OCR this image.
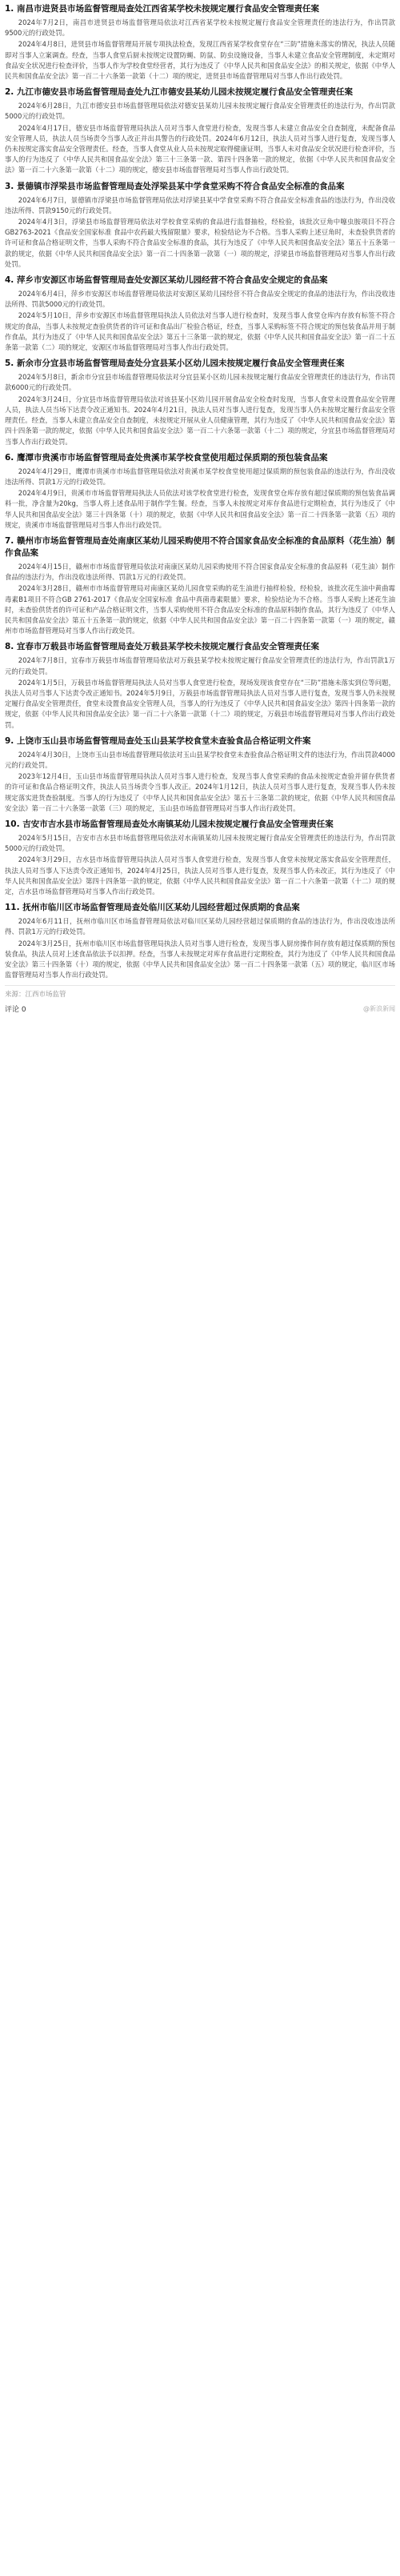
1. 南昌市进贤县市场监督管理局查处江西省某学校未按规定履行食品安全管理责任案

2024年7月2日，南昌市进贤县市场监督管理局依法对江西省某学校未按规定履行食品安全管理责任的违法行为，作出罚款9500元的行政处罚。

2024年4月8日，进贤县市场监督管理局开展专项执法检查，发现江西省某学校食堂存在“三防”措施未落实的情况，执法人员随即对当事人立案调查。经查，当事人食堂后厨未按规定设置防蝇、防鼠、防虫设施设备，当事人未建立食品安全管理制度，未定期对食品安全状况进行检查评价，当事人作为学校食堂经营者，其行为违反了《中华人民共和国食品安全法》的相关规定，依据《中华人民共和国食品安全法》第一百二十六条第一款第（十二）项的规定，进贤县市场监督管理局对当事人作出行政处罚。

2. 九江市德安县市场监督管理局查处九江市德安县某幼儿园未按规定履行食品安全管理责任案

2024年6月28日，九江市德安县市场监督管理局依法对德安县某幼儿园未按规定履行食品安全管理责任的违法行为，作出罚款5000元的行政处罚。

2024年4月17日，德安县市场监督管理局执法人员对当事人食堂进行检查，发现当事人未建立食品安全自查制度，未配备食品安全管理人员，执法人员当场责令当事人改正并出具警告的行政处罚。2024年6月12日，执法人员对当事人进行复查，发现当事人仍未按规定落实食品安全管理责任。经查，当事人食堂从业人员未按规定取得健康证明，当事人未对食品安全状况进行检查评价，当事人的行为违反了《中华人民共和国食品安全法》第三十三条第一款、第四十四条第一款的规定，依据《中华人民共和国食品安全法》第一百二十六条第一款第（十二）项的规定，德安县市场监督管理局对当事人作出行政处罚。

3. 景德镇市浮梁县市场监督管理局查处浮梁县某中学食堂采购不符合食品安全标准的食品案

2024年6月7日，景德镇市浮梁县市场监督管理局依法对浮梁县某中学食堂采购不符合食品安全标准食品的违法行为，作出没收违法所得、罚款9150元的行政处罚。

2024年4月3日，浮梁县市场监督管理局依法对学校食堂采购的食品进行监督抽检，经检验，该批次豆角中噻虫胺项目不符合GB2763-2021《食品安全国家标准 食品中农药最大残留限量》要求，检验结论为不合格。当事人采购上述豆角时，未查验供货者的许可证和食品合格证明文件，当事人采购不符合食品安全标准的食品，其行为违反了《中华人民共和国食品安全法》第五十五条第一款的规定，依据《中华人民共和国食品安全法》第一百二十四条第一款第（一）项的规定，浮梁县市场监督管理局对当事人作出行政处罚。

4. 萍乡市安源区市场监督管理局查处安源区某幼儿园经营不符合食品安全规定的食品案

2024年6月4日，萍乡市安源区市场监督管理局依法对安源区某幼儿园经营不符合食品安全规定的食品的违法行为，作出没收违法所得、罚款5000元的行政处罚。

2024年5月10日，萍乡市安源区市场监督管理局执法人员依法对当事人进行检查时，发现当事人食堂仓库内存放有标签不符合规定的食品，当事人未按规定查验供货者的许可证和食品出厂检验合格证，经查，当事人采购标签不符合规定的预包装食品并用于制作食品，其行为违反了《中华人民共和国食品安全法》第五十三条第一款的规定，依据《中华人民共和国食品安全法》第一百二十五条第一款第（二）项的规定，安源区市场监督管理局对当事人作出行政处罚。

5. 新余市分宜县市场监督管理局查处分宜县某小区幼儿园未按规定履行食品安全管理责任案

2024年5月8日，新余市分宜县市场监督管理局依法对分宜县某小区幼儿园未按规定履行食品安全管理责任的违法行为，作出罚款6000元的行政处罚。

2024年3月24日，分宜县市场监督管理局依法对该县某小区幼儿园开展食品安全检查时发现，当事人食堂未设置食品安全管理人员，执法人员当场下达责令改正通知书。2024年4月21日，执法人员对当事人进行复查，发现当事人仍未按规定履行食品安全管理责任。经查，当事人未建立食品安全自查制度，未按规定开展从业人员健康管理，其行为违反了《中华人民共和国食品安全法》第四十四条第一款的规定，依据《中华人民共和国食品安全法》第一百二十六条第一款第（十二）项的规定，分宜县市场监督管理局对当事人作出行政处罚。

6. 鹰潭市贵溪市市场监督管理局查处贵溪市某学校食堂使用超过保质期的预包装食品案

2024年4月29日，鹰潭市贵溪市市场监督管理局依法对贵溪市某学校食堂使用超过保质期的预包装食品的违法行为，作出没收违法所得、罚款1万元的行政处罚。

2024年4月9日，贵溪市市场监督管理局执法人员依法对该学校食堂进行检查，发现食堂仓库存放有超过保质期的预包装食品调料一批，净含量为20kg，当事人将上述食品用于制作学生餐。经查，当事人未按规定对库存食品进行定期检查，其行为违反了《中华人民共和国食品安全法》第三十四条第（十）项的规定，依据《中华人民共和国食品安全法》第一百二十四条第一款第（五）项的规定，贵溪市市场监督管理局对当事人作出行政处罚。

7. 赣州市市场监督管理局查处南康区某幼儿园采购使用不符合国家食品安全标准的食品原料（花生油）制作食品案

2024年4月15日，赣州市市场监督管理局依法对南康区某幼儿园采购使用不符合国家食品安全标准的食品原料（花生油）制作食品的违法行为，作出没收违法所得、罚款1万元的行政处罚。

2024年3月28日，赣州市市场监督管理局对南康区某幼儿园食堂采购的花生油进行抽样检验，经检验，该批次花生油中黄曲霉毒素B1项目不符合GB 2761-2017《食品安全国家标准 食品中真菌毒素限量》要求，检验结论为不合格。当事人采购上述花生油时，未查验供货者的许可证和产品合格证明文件，当事人采购使用不符合食品安全标准的食品原料制作食品，其行为违反了《中华人民共和国食品安全法》第五十五条第一款的规定，依据《中华人民共和国食品安全法》第一百二十四条第一款第（一）项的规定，赣州市市场监督管理局对当事人作出行政处罚。

8. 宜春市万载县市场监督管理局查处万载县某学校未按规定履行食品安全管理责任案

2024年7月8日，宜春市万载县市场监督管理局依法对万载县某学校未按规定履行食品安全管理责任的违法行为，作出罚款1万元的行政处罚。

2024年1月5日，万载县市场监督管理局执法人员对当事人食堂进行检查，现场发现该食堂存在“三防”措施未落实到位等问题，执法人员对当事人下达责令改正通知书。2024年5月9日，万载县市场监督管理局执法人员对当事人进行复查，发现当事人仍未按规定履行食品安全管理责任，食堂未设置食品安全管理人员，当事人的行为违反了《中华人民共和国食品安全法》第四十四条第一款的规定，依据《中华人民共和国食品安全法》第一百二十六条第一款第（十二）项的规定，万载县市场监督管理局对当事人作出行政处罚。

9. 上饶市玉山县市场监督管理局查处玉山县某学校食堂未查验食品合格证明文件案

2024年4月30日，上饶市玉山县市场监督管理局依法对玉山县某学校食堂未查验食品合格证明文件的违法行为，作出罚款4000元的行政处罚。

2023年12月4日，玉山县市场监督管理局执法人员对当事人进行检查，发现当事人食堂采购的食品未按规定查验并留存供货者的许可证和食品合格证明文件，执法人员当场责令当事人改正。2024年1月12日，执法人员对当事人进行复查，发现当事人仍未按规定落实进货查验制度。当事人的行为违反了《中华人民共和国食品安全法》第五十三条第二款的规定，依据《中华人民共和国食品安全法》第一百二十六条第一款第（三）项的规定，玉山县市场监督管理局对当事人作出行政处罚。

10. 吉安市吉水县市场监督管理局查处水南镇某幼儿园未按规定履行食品安全管理责任案

2024年5月15日，吉安市吉水县市场监督管理局依法对水南镇某幼儿园未按规定履行食品安全管理责任的违法行为，作出罚款5000元的行政处罚。

2024年3月29日，吉水县市场监督管理局执法人员对当事人食堂进行检查，发现当事人食堂未按规定落实食品安全管理责任，执法人员对当事人下达责令改正通知书，2024年4月25日，执法人员对当事人进行复查，发现当事人仍未改正，其行为违反了《中华人民共和国食品安全法》第四十四条第一款的规定，依据《中华人民共和国食品安全法》第一百二十六条第一款第（十二）项的规定，吉水县市场监督管理局对当事人作出行政处罚。

11. 抚州市临川区市场监督管理局查处临川区某幼儿园经营超过保质期的食品案

2024年6月11日，抚州市临川区市场监督管理局依法对临川区某幼儿园经营超过保质期的食品的违法行为，作出没收违法所得、罚款1万元的行政处罚。

2024年3月25日，抚州市临川区市场监督管理局执法人员对当事人进行检查，发现当事人厨房操作间存放有超过保质期的预包装食品，执法人员对上述食品依法予以扣押。经查，当事人未按规定对库存食品进行定期检查，其行为违反了《中华人民共和国食品安全法》第三十四条第（十）项的规定，依据《中华人民共和国食品安全法》第一百二十四条第一款第（五）项的规定，临川区市场监督管理局对当事人作出行政处罚。

来源：江西市场监管
评论 0	@新浪新闻
